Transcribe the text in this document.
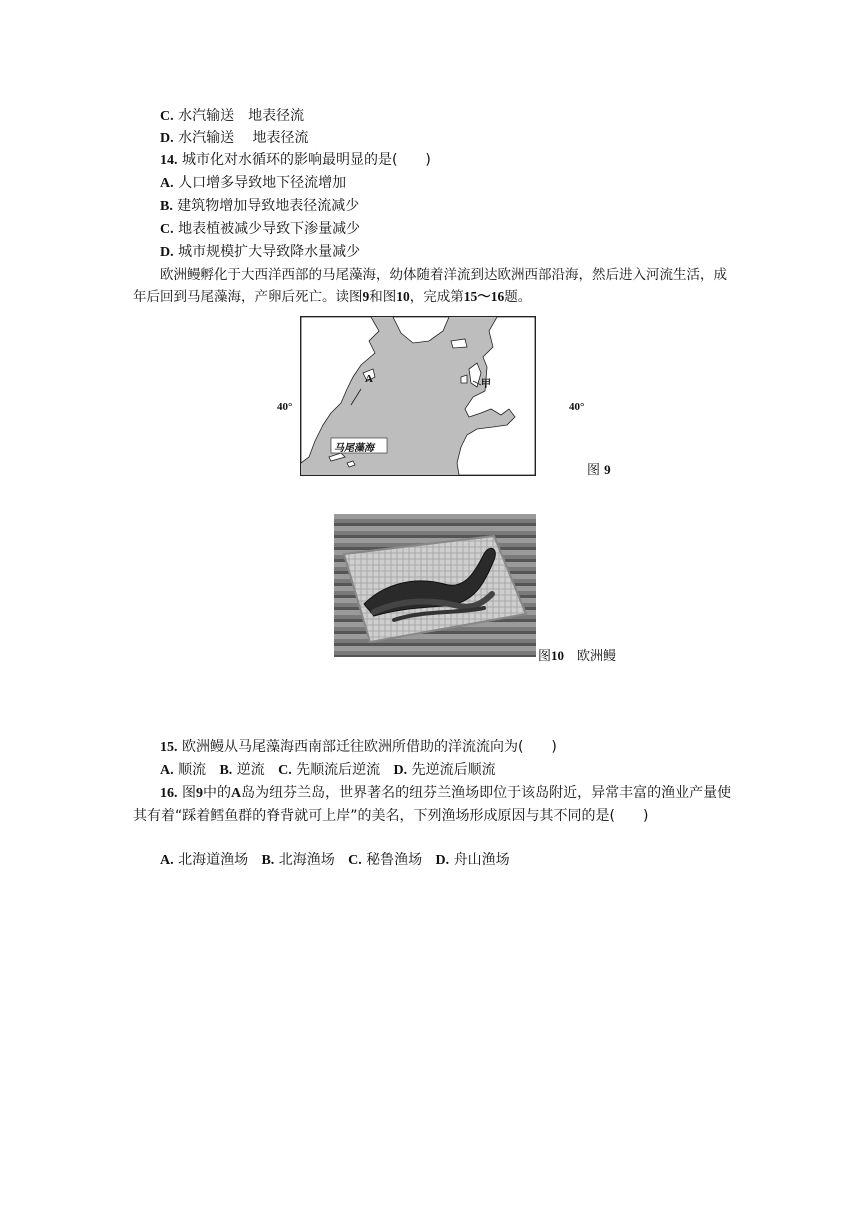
C. 水汽输送　地表径流
D. 水汽输送　 地表径流
14. 城市化对水循环的影响最明显的是(　　)
A. 人口增多导致地下径流增加
B. 建筑物增加导致地表径流减少
C. 地表植被减少导致下渗量减少
D. 城市规模扩大导致降水量减少
欧洲鳗孵化于大西洋西部的马尾藻海，幼体随着洋流到达欧洲西部沿海，然后进入河流生活，成年后回到马尾藻海，产卵后死亡。读图9和图10，完成第15～16题。
40°	40°
A	甲
马尾藻海
图 9
图10　欧洲鳗
15. 欧洲鳗从马尾藻海西南部迁往欧洲所借助的洋流流向为(　　)
A. 顺流 B. 逆流 C. 先顺流后逆流 D. 先逆流后顺流
16. 图9中的A岛为纽芬兰岛，世界著名的纽芬兰渔场即位于该岛附近，异常丰富的渔业产量使其有着“踩着鳕鱼群的脊背就可上岸”的美名，下列渔场形成原因与其不同的是(　　)
A. 北海道渔场 B. 北海渔场 C. 秘鲁渔场 D. 舟山渔场
